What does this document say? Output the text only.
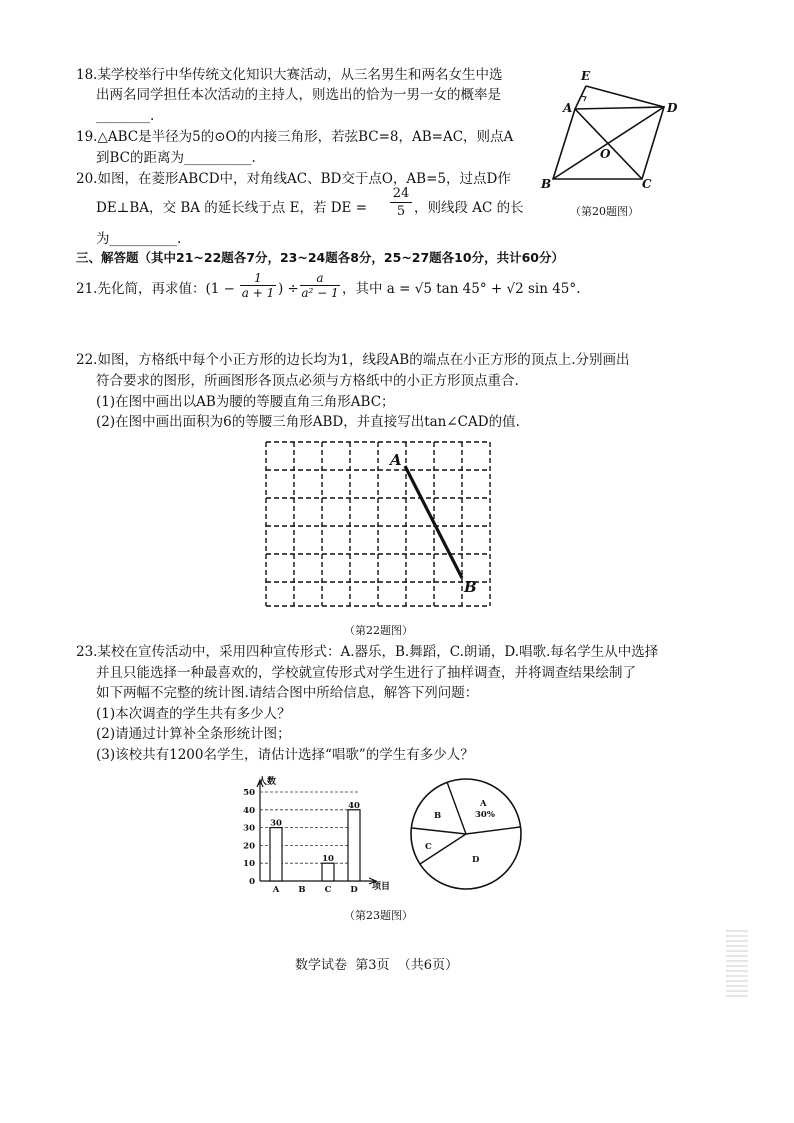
18.某学校举行中华传统文化知识大赛活动，从三名男生和两名女生中选
出两名同学担任本次活动的主持人，则选出的恰为一男一女的概率是
________.
19.△ABC是半径为5的⊙O的内接三角形，若弦BC=8，AB=AC，则点A
到BC的距离为__________.
20.如图，在菱形ABCD中，对角线AC、BD交于点O，AB=5，过点D作
DE⊥BA，交 BA 的延长线于点 E，若 DE =
24
5 ，则线段 AC 的长
为__________.
E
A	D
O
B	C
（第20题图）
三、解答题（其中21~22题各7分，23~24题各8分，25~27题各10分，共计60分）
21.先化简，再求值：(1 −
1
a + 1 ) ÷
a
a² − 1 ，其中 a = √5 tan 45° + √2 sin 45°.
22.如图，方格纸中每个小正方形的边长均为1，线段AB的端点在小正方形的顶点上.分别画出
符合要求的图形，所画图形各顶点必须与方格纸中的小正方形顶点重合.
(1)在图中画出以AB为腰的等腰直角三角形ABC；
(2)在图中画出面积为6的等腰三角形ABD，并直接写出tan∠CAD的值.
A
B
（第22题图）
23.某校在宣传活动中，采用四种宣传形式：A.器乐，B.舞蹈，C.朗诵，D.唱歌.每名学生从中选择
并且只能选择一种最喜欢的，学校就宣传形式对学生进行了抽样调查，并将调查结果绘制了
如下两幅不完整的统计图.请结合图中所给信息，解答下列问题：
(1)本次调查的学生共有多少人？
(2)请通过计算补全条形统计图；
(3)该校共有1200名学生，请估计选择“唱歌”的学生有多少人？
0
10
20
30
40
50
A
30
B C
10
D
40
人数
项目
A
30%
B
C
D
（第23题图）
数学试卷  第3页  （共6页）
